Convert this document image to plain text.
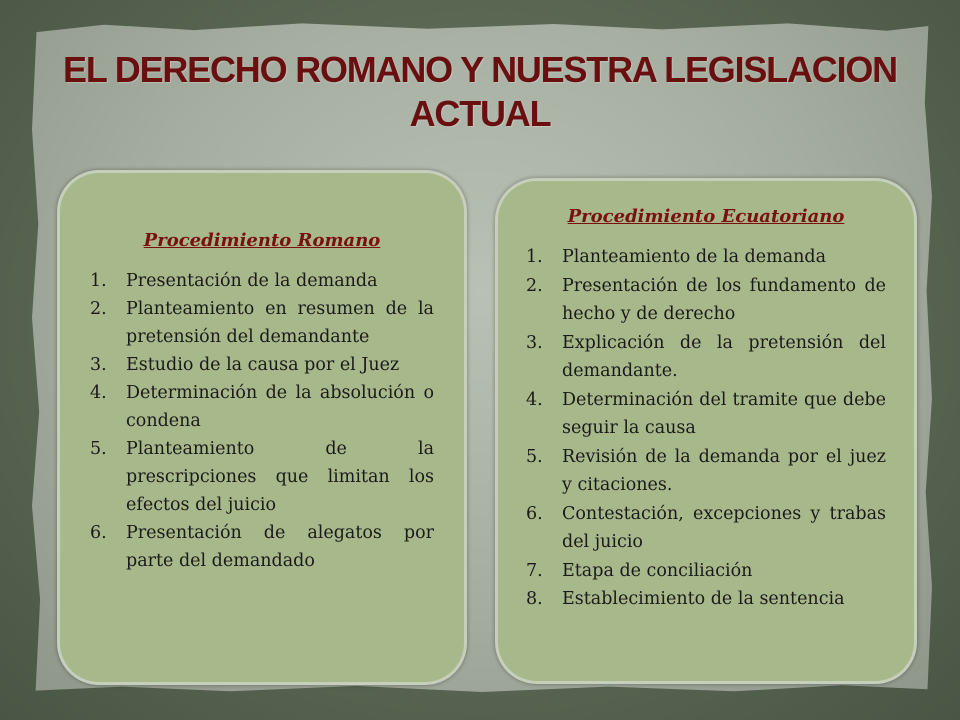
EL DERECHO ROMANO Y NUESTRA LEGISLACION ACTUAL
Procedimiento Romano
1. Presentación de la demanda
2. Planteamiento en resumen de la pretensión del demandante
3. Estudio de la causa por el Juez
4. Determinación de la absolución o condena
5. Planteamiento de la prescripciones que limitan los efectos del juicio
6. Presentación de alegatos por parte del demandado
Procedimiento Ecuatoriano
1. Planteamiento de la demanda
2. Presentación de los fundamento de hecho y de derecho
3. Explicación de la pretensión del demandante.
4. Determinación del tramite que debe seguir la causa
5. Revisión de la demanda por el juez y citaciones.
6. Contestación, excepciones y trabas del juicio
7. Etapa de conciliación
8. Establecimiento de la sentencia
